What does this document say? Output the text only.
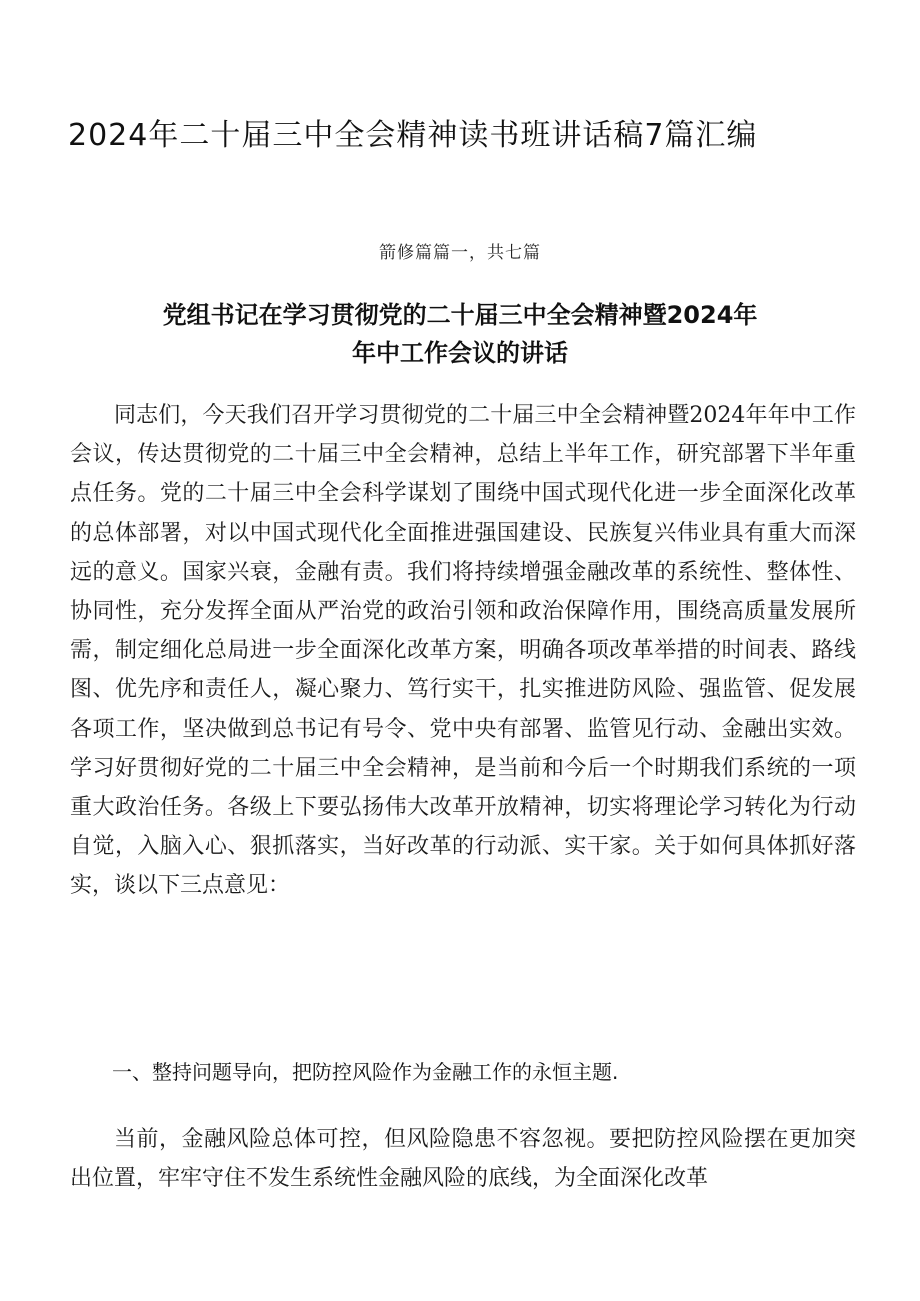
2024年二十届三中全会精神读书班讲话稿7篇汇编
箭修篇篇一，共七篇
党组书记在学习贯彻党的二十届三中全会精神暨2024年
年中工作会议的讲话

同志们，今天我们召开学习贯彻党的二十届三中全会精神暨2024年年中工作会议，传达贯彻党的二十届三中全会精神，总结上半年工作，研究部署下半年重点任务。党的二十届三中全会科学谋划了围绕中国式现代化进一步全面深化改革的总体部署，对以中国式现代化全面推进强国建设、民族复兴伟业具有重大而深远的意义。国家兴衰，金融有责。我们将持续增强金融改革的系统性、整体性、协同性，充分发挥全面从严治党的政治引领和政治保障作用，围绕高质量发展所需，制定细化总局进一步全面深化改革方案，明确各项改革举措的时间表、路线图、优先序和责任人，凝心聚力、笃行实干，扎实推进防风险、强监管、促发展各项工作，坚决做到总书记有号令、党中央有部署、监管见行动、金融出实效。学习好贯彻好党的二十届三中全会精神，是当前和今后一个时期我们系统的一项重大政治任务。各级上下要弘扬伟大改革开放精神，切实将理论学习转化为行动自觉，入脑入心、狠抓落实，当好改革的行动派、实干家。关于如何具体抓好落实，谈以下三点意见：

一、整持问题导向，把防控风险作为金融工作的永恒主题.

当前，金融风险总体可控，但风险隐患不容忽视。要把防控风险摆在更加突出位置，牢牢守住不发生系统性金融风险的底线，为全面深化改革
